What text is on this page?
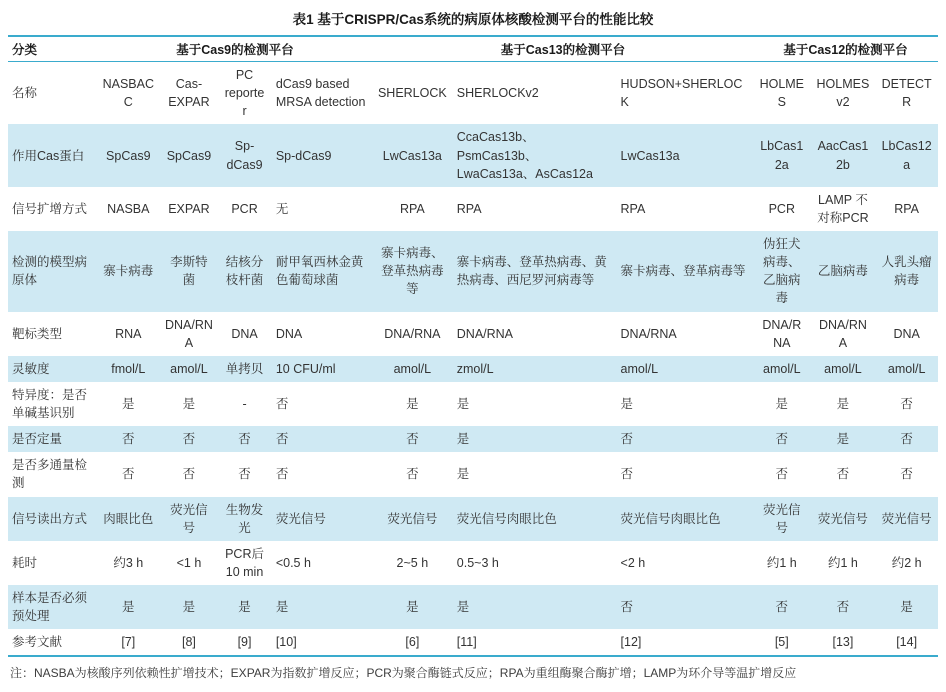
表1 基于CRISPR/Cas系统的病原体核酸检测平台的性能比较
分类	基于Cas9的检测平台				基于Cas13的检测平台			基于Cas12的检测平台		
名称	NASBACC	Cas-EXPAR	PC reporter	dCas9 based MRSA detection	SHERLOCK	SHERLOCKv2	HUDSON+SHERLOCK	HOLMES	HOLMESv2	DETECTR
作用Cas蛋白	SpCas9	SpCas9	Sp-dCas9	Sp-dCas9	LwCas13a	CcaCas13b、PsmCas13b、LwaCas13a、AsCas12a	LwCas13a	LbCas12a	AacCas12b	LbCas12a
信号扩增方式	NASBA	EXPAR	PCR	无	RPA	RPA	RPA	PCR	LAMP 不对称PCR	RPA
检测的模型病原体	寨卡病毒	李斯特菌	结核分枝杆菌	耐甲氧西林金黄色葡萄球菌	寨卡病毒、登革热病毒等	寨卡病毒、登革热病毒、黄热病毒、西尼罗河病毒等	寨卡病毒、登革病毒等	伪狂犬病毒、乙脑病毒	乙脑病毒	人乳头瘤病毒
靶标类型	RNA	DNA/RNA	DNA	DNA	DNA/RNA	DNA/RNA	DNA/RNA	DNA/RNA	DNA/RNA	DNA
灵敏度	fmol/L	amol/L	单拷贝	10 CFU/ml	amol/L	zmol/L	amol/L	amol/L	amol/L	amol/L
特异度：是否单碱基识别	是	是	-	否	是	是	是	是	是	否
是否定量	否	否	否	否	否	是	否	否	是	否
是否多通量检测	否	否	否	否	否	是	否	否	否	否
信号读出方式	肉眼比色	荧光信号	生物发光	荧光信号	荧光信号	荧光信号肉眼比色	荧光信号肉眼比色	荧光信号	荧光信号	荧光信号
耗时	约3 h	<1 h	PCR后 10 min	<0.5 h	2~5 h	0.5~3 h	<2 h	约1 h	约1 h	约2 h
样本是否必须预处理	是	是	是	是	是	是	否	否	否	是
参考文献	[7]	[8]	[9]	[10]	[6]	[11]	[12]	[5]	[13]	[14]
注：NASBA为核酸序列依赖性扩增技术；EXPAR为指数扩增反应；PCR为聚合酶链式反应；RPA为重组酶聚合酶扩增；LAMP为环介导等温扩增反应
